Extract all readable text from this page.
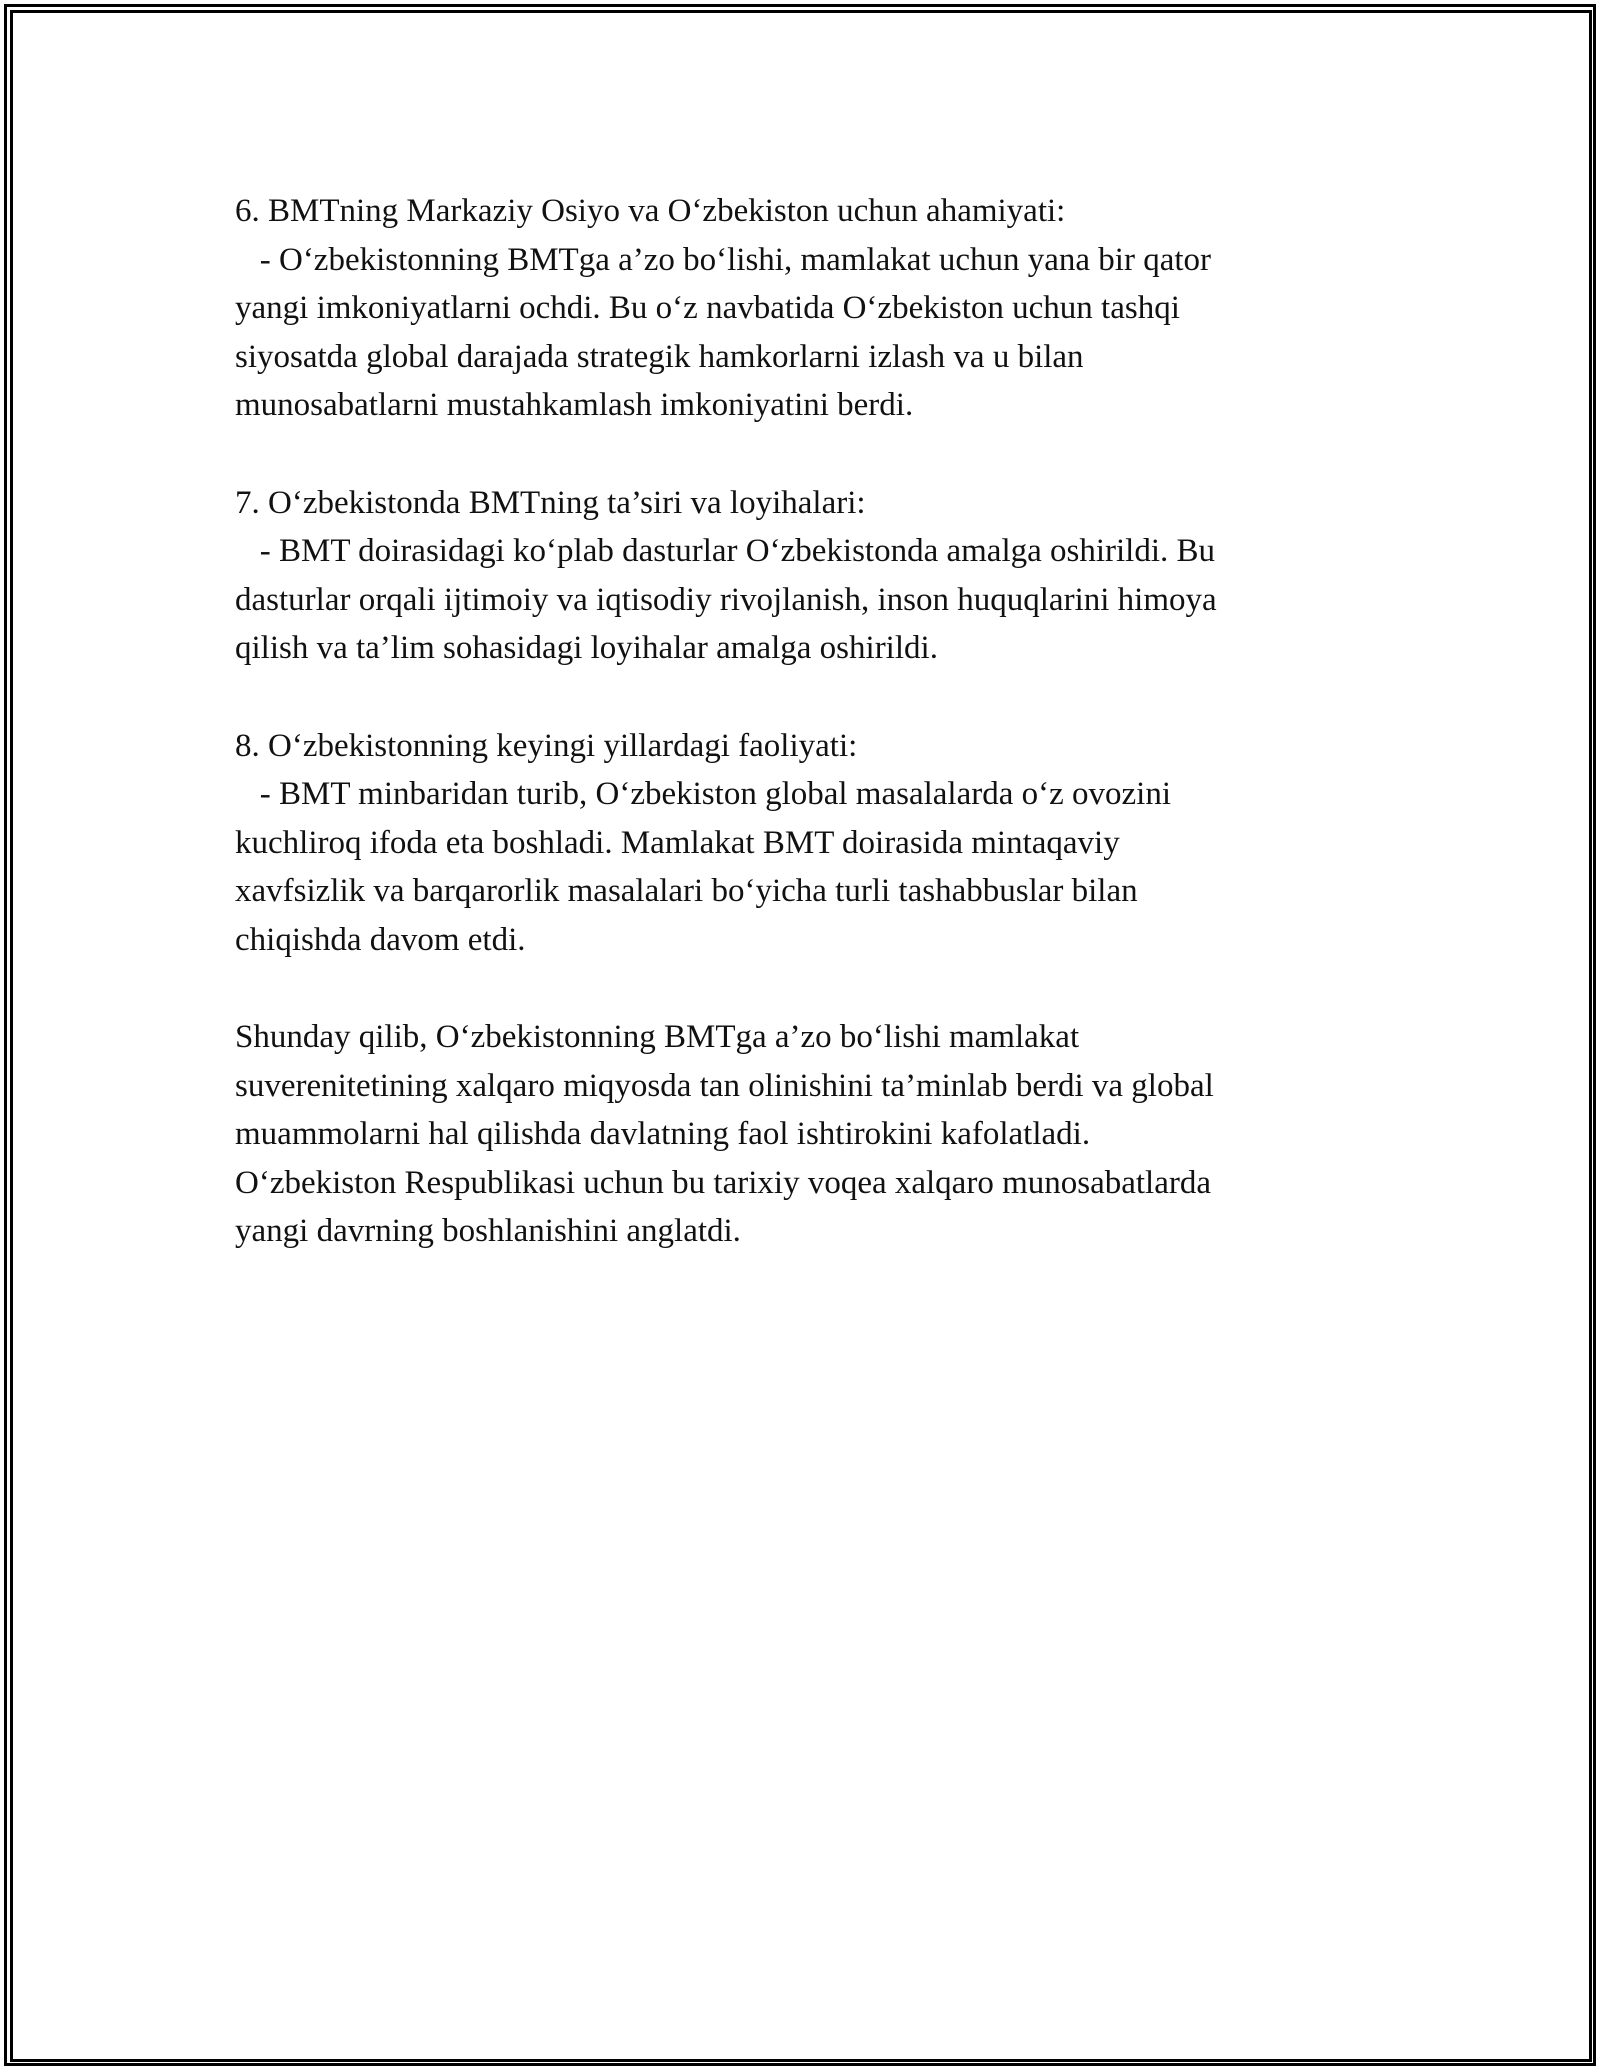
6. BMTning Markaziy Osiyo va O‘zbekiston uchun ahamiyati:
- O‘zbekistonning BMTga a’zo bo‘lishi, mamlakat uchun yana bir qator
yangi imkoniyatlarni ochdi. Bu o‘z navbatida O‘zbekiston uchun tashqi
siyosatda global darajada strategik hamkorlarni izlash va u bilan
munosabatlarni mustahkamlash imkoniyatini berdi.
7. O‘zbekistonda BMTning ta’siri va loyihalari:
- BMT doirasidagi ko‘plab dasturlar O‘zbekistonda amalga oshirildi. Bu
dasturlar orqali ijtimoiy va iqtisodiy rivojlanish, inson huquqlarini himoya
qilish va ta’lim sohasidagi loyihalar amalga oshirildi.
8. O‘zbekistonning keyingi yillardagi faoliyati:
- BMT minbaridan turib, O‘zbekiston global masalalarda o‘z ovozini
kuchliroq ifoda eta boshladi. Mamlakat BMT doirasida mintaqaviy
xavfsizlik va barqarorlik masalalari bo‘yicha turli tashabbuslar bilan
chiqishda davom etdi.
Shunday qilib, O‘zbekistonning BMTga a’zo bo‘lishi mamlakat
suverenitetining xalqaro miqyosda tan olinishini ta’minlab berdi va global
muammolarni hal qilishda davlatning faol ishtirokini kafolatladi.
O‘zbekiston Respublikasi uchun bu tarixiy voqea xalqaro munosabatlarda
yangi davrning boshlanishini anglatdi.
